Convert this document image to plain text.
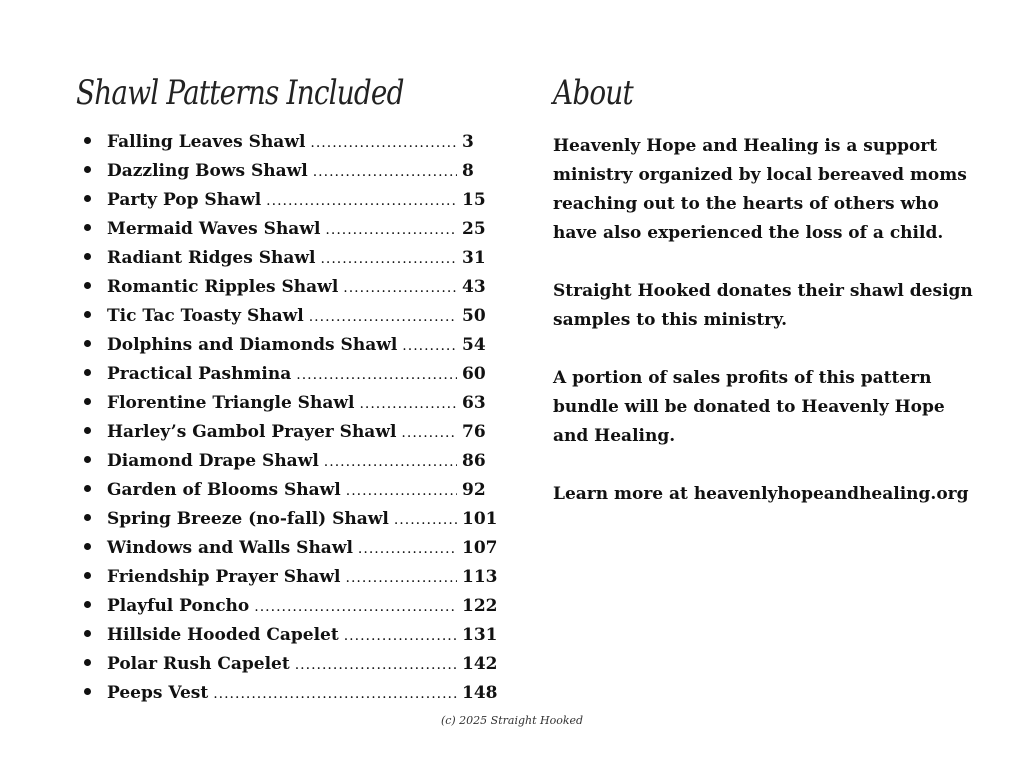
Shawl Patterns Included
Falling Leaves Shawl .....	3
Dazzling Bows Shawl .....	8
Party Pop Shawl .....	15
Mermaid Waves Shawl .....	25
Radiant Ridges Shawl .....	31
Romantic Ripples Shawl .....	43
Tic Tac Toasty Shawl .....	50
Dolphins and Diamonds Shawl .....	54
Practical Pashmina .....	60
Florentine Triangle Shawl .....	63
Harley’s Gambol Prayer Shawl .....	76
Diamond Drape Shawl .....	86
Garden of Blooms Shawl .....	92
Spring Breeze (no-fall) Shawl .....	101
Windows and Walls Shawl .....	107
Friendship Prayer Shawl .....	113
Playful Poncho .....	122
Hillside Hooded Capelet .....	131
Polar Rush Capelet .....	142
Peeps Vest .....	148
About

Heavenly Hope and Healing is a support ministry organized by local bereaved moms reaching out to the hearts of others who have also experienced the loss of a child.

Straight Hooked donates their shawl design samples to this ministry.

A portion of sales profits of this pattern bundle will be donated to Heavenly Hope and Healing.

Learn more at heavenlyhopeandhealing.org

(c) 2025 Straight Hooked
